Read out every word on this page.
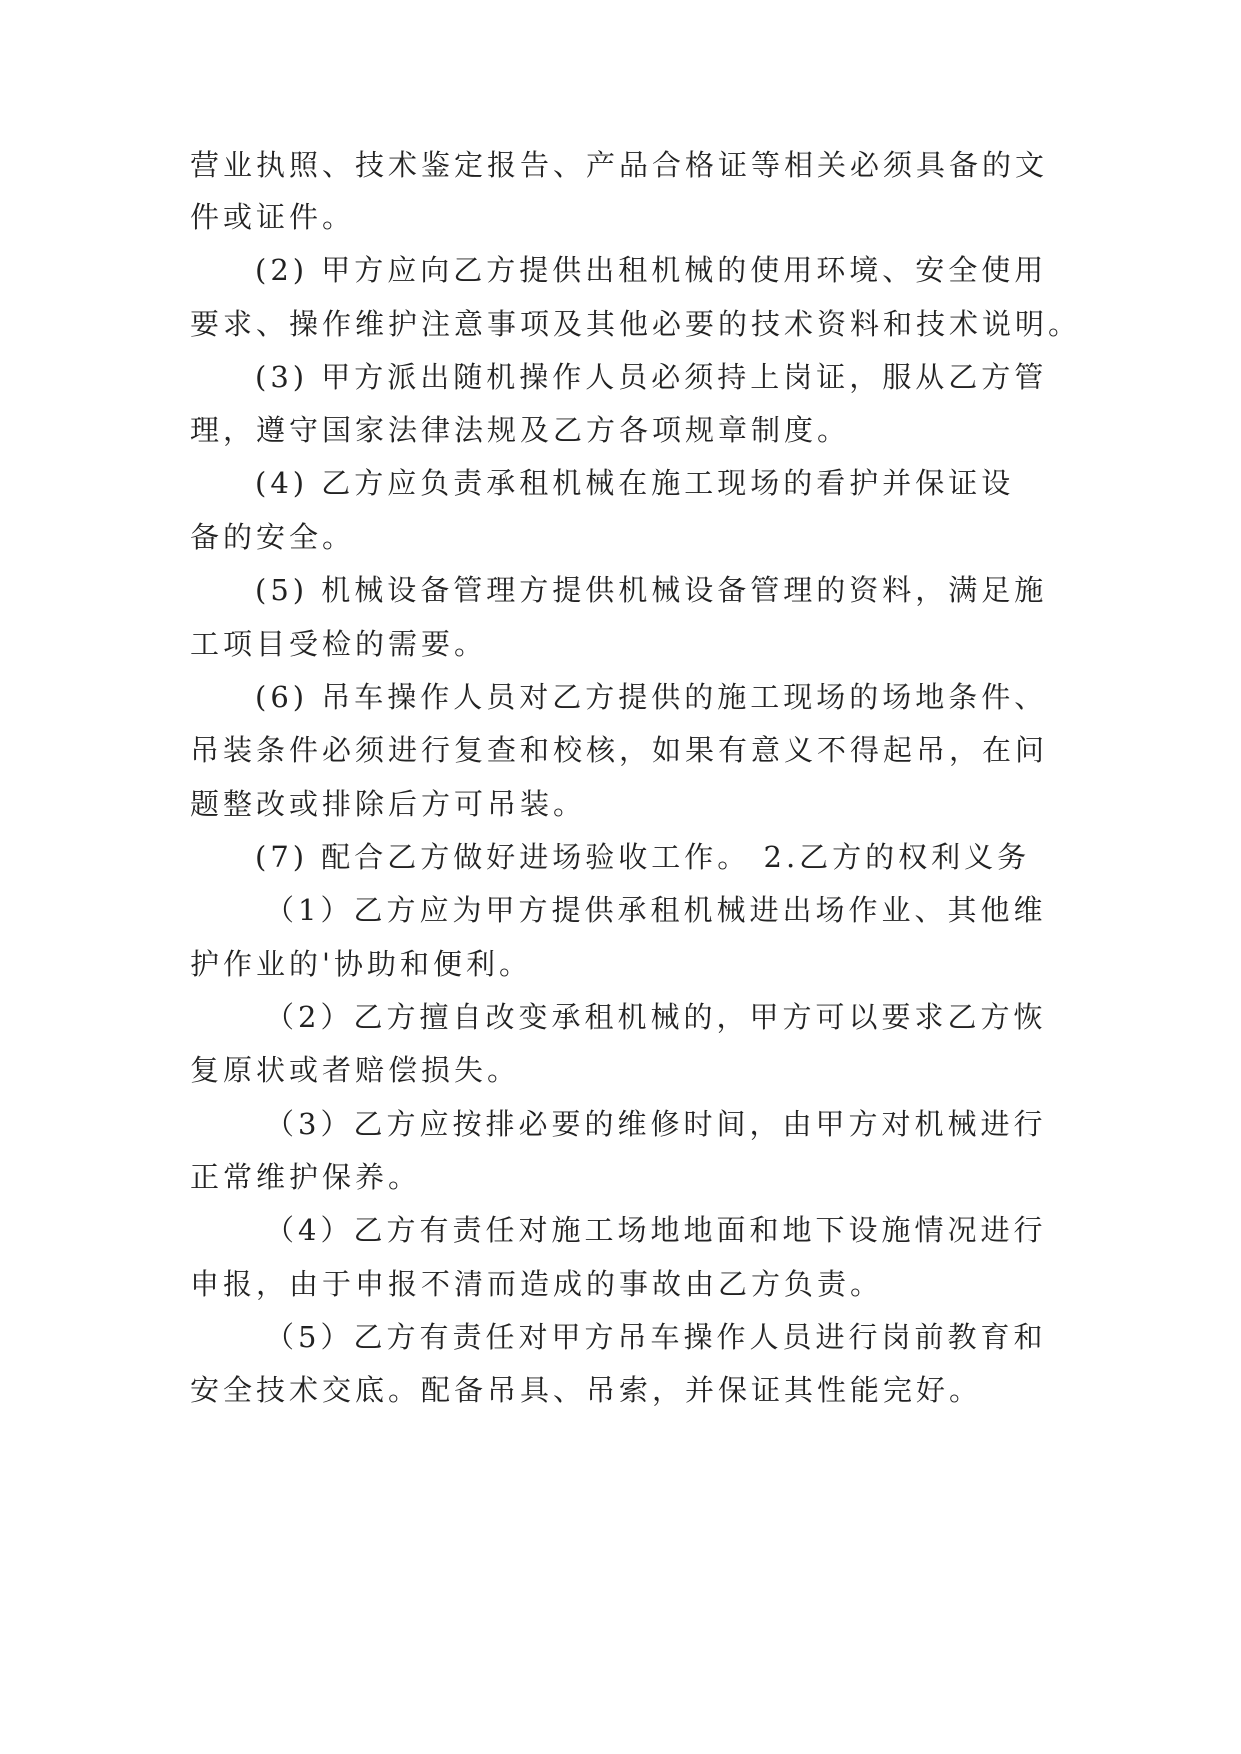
营业执照、技术鉴定报告、产品合格证等相关必须具备的文
件或证件。
(2) 甲方应向乙方提供出租机械的使用环境、安全使用
要求、操作维护注意事项及其他必要的技术资料和技术说明。
(3) 甲方派出随机操作人员必须持上岗证，服从乙方管
理，遵守国家法律法规及乙方各项规章制度。
(4) 乙方应负责承租机械在施工现场的看护并保证设
备的安全。
(5) 机械设备管理方提供机械设备管理的资料，满足施
工项目受检的需要。
(6) 吊车操作人员对乙方提供的施工现场的场地条件、
吊装条件必须进行复查和校核，如果有意义不得起吊，在问
题整改或排除后方可吊装。
(7) 配合乙方做好进场验收工作。 2.乙方的权利义务
（1）乙方应为甲方提供承租机械进出场作业、其他维
护作业的'协助和便利。
（2）乙方擅自改变承租机械的，甲方可以要求乙方恢
复原状或者赔偿损失。
（3）乙方应按排必要的维修时间，由甲方对机械进行
正常维护保养。
（4）乙方有责任对施工场地地面和地下设施情况进行
申报，由于申报不清而造成的事故由乙方负责。
（5）乙方有责任对甲方吊车操作人员进行岗前教育和
安全技术交底。配备吊具、吊索，并保证其性能完好。
